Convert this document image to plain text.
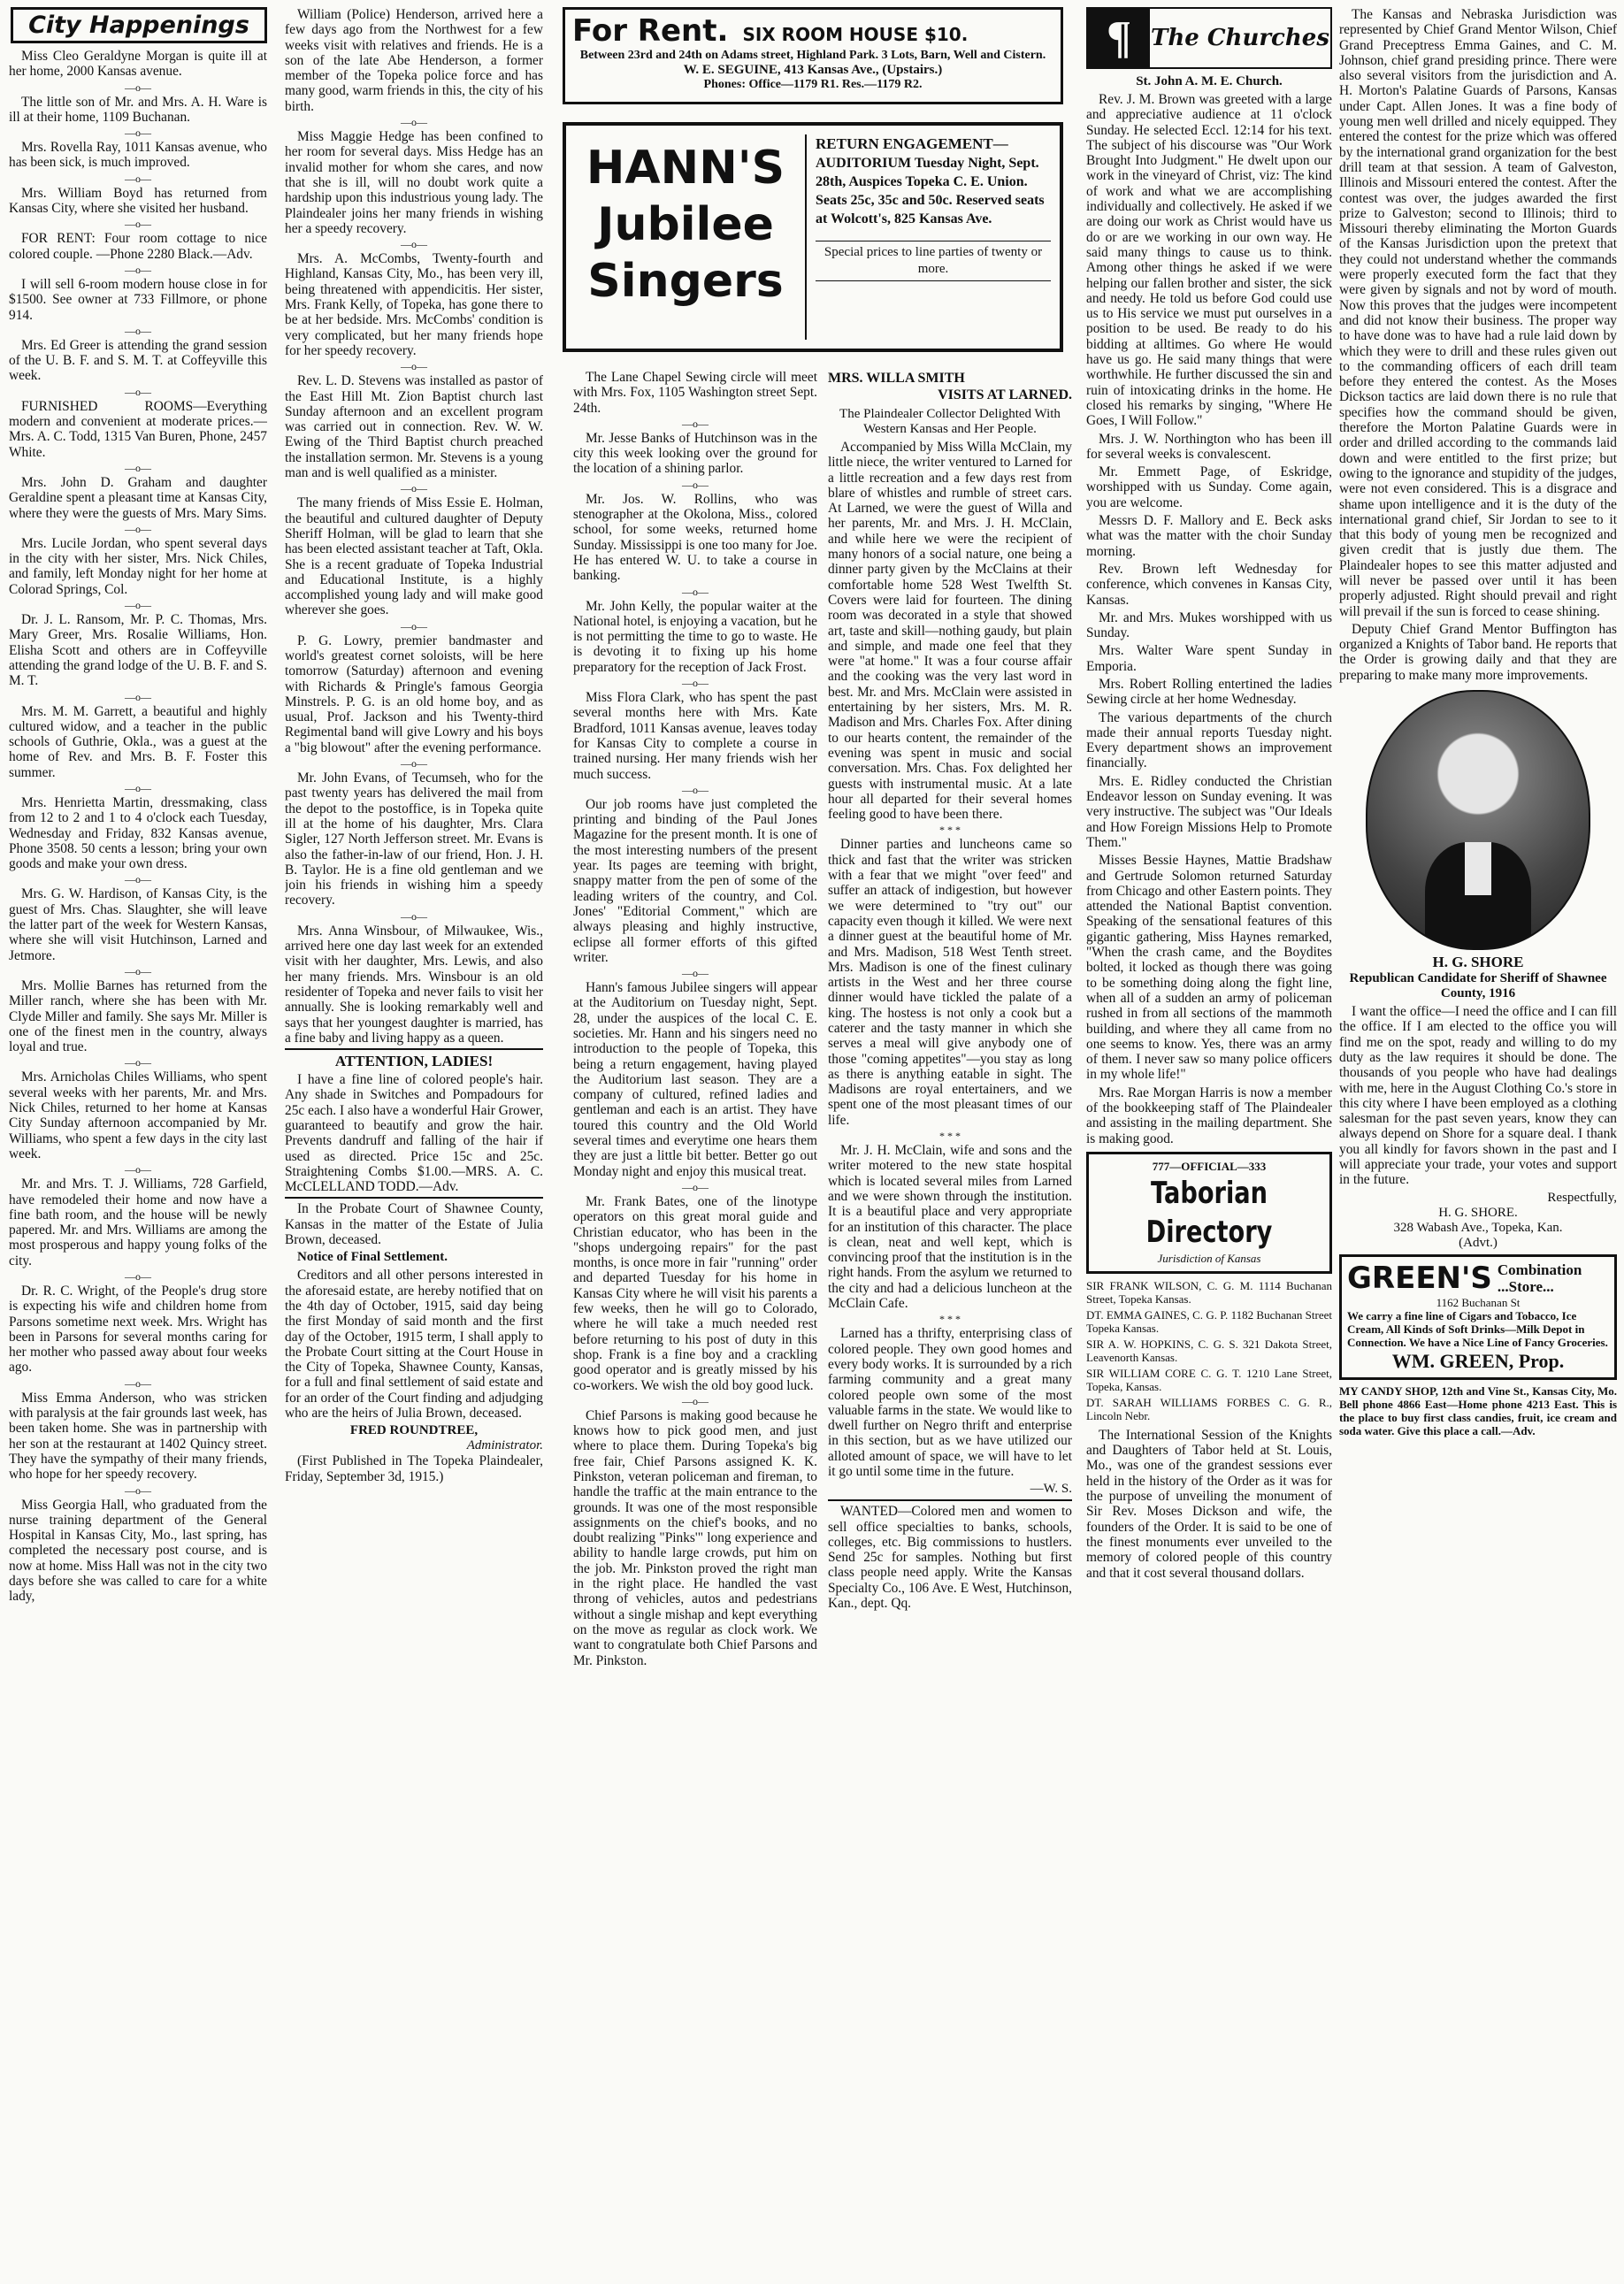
City Happenings

Miss Cleo Geraldyne Morgan is quite ill at her home, 2000 Kansas avenue.

—o—

The little son of Mr. and Mrs. A. H. Ware is ill at their home, 1109 Buchanan.

—o—

Mrs. Rovella Ray, 1011 Kansas avenue, who has been sick, is much improved.

—o—

Mrs. William Boyd has returned from Kansas City, where she visited her husband.

—o—

FOR RENT: Four room cottage to nice colored couple. —Phone 2280 Black.—Adv.

—o—

I will sell 6-room modern house close in for $1500. See owner at 733 Fillmore, or phone 914.

—o—

Mrs. Ed Greer is attending the grand session of the U. B. F. and S. M. T. at Coffeyville this week.

—o—

FURNISHED ROOMS—Everything modern and convenient at moderate prices.—Mrs. A. C. Todd, 1315 Van Buren, Phone, 2457 White.

—o—

Mrs. John D. Graham and daughter Geraldine spent a pleasant time at Kansas City, where they were the guests of Mrs. Mary Sims.

—o—

Mrs. Lucile Jordan, who spent several days in the city with her sister, Mrs. Nick Chiles, and family, left Monday night for her home at Colorad Springs, Col.

—o—

Dr. J. L. Ransom, Mr. P. C. Thomas, Mrs. Mary Greer, Mrs. Rosalie Williams, Hon. Elisha Scott and others are in Coffeyville attending the grand lodge of the U. B. F. and S. M. T.

—o—

Mrs. M. M. Garrett, a beautiful and highly cultured widow, and a teacher in the public schools of Guthrie, Okla., was a guest at the home of Rev. and Mrs. B. F. Foster this summer.

—o—

Mrs. Henrietta Martin, dressmaking, class from 12 to 2 and 1 to 4 o'clock each Tuesday, Wednesday and Friday, 832 Kansas avenue, Phone 3508. 50 cents a lesson; bring your own goods and make your own dress.

—o—

Mrs. G. W. Hardison, of Kansas City, is the guest of Mrs. Chas. Slaughter, she will leave the latter part of the week for Western Kansas, where she will visit Hutchinson, Larned and Jetmore.

—o—

Mrs. Mollie Barnes has returned from the Miller ranch, where she has been with Mr. Clyde Miller and family. She says Mr. Miller is one of the finest men in the country, always loyal and true.

—o—

Mrs. Arnicholas Chiles Williams, who spent several weeks with her parents, Mr. and Mrs. Nick Chiles, returned to her home at Kansas City Sunday afternoon accompanied by Mr. Williams, who spent a few days in the city last week.

—o—

Mr. and Mrs. T. J. Williams, 728 Garfield, have remodeled their home and now have a fine bath room, and the house will be newly papered. Mr. and Mrs. Williams are among the most prosperous and happy young folks of the city.

—o—

Dr. R. C. Wright, of the People's drug store is expecting his wife and children home from Parsons sometime next week. Mrs. Wright has been in Parsons for several months caring for her mother who passed away about four weeks ago.

—o—

Miss Emma Anderson, who was stricken with paralysis at the fair grounds last week, has been taken home. She was in partnership with her son at the restaurant at 1402 Quincy street. They have the sympathy of their many friends, who hope for her speedy recovery.

—o—

Miss Georgia Hall, who graduated from the nurse training department of the General Hospital in Kansas City, Mo., last spring, has completed the necessary post course, and is now at home. Miss Hall was not in the city two days before she was called to care for a white lady,

William (Police) Henderson, arrived here a few days ago from the Northwest for a few weeks visit with relatives and friends. He is a son of the late Abe Henderson, a former member of the Topeka police force and has many good, warm friends in this, the city of his birth.

—o—

Miss Maggie Hedge has been confined to her room for several days. Miss Hedge has an invalid mother for whom she cares, and now that she is ill, will no doubt work quite a hardship upon this industrious young lady. The Plaindealer joins her many friends in wishing her a speedy recovery.

—o—

Mrs. A. McCombs, Twenty-fourth and Highland, Kansas City, Mo., has been very ill, being threatened with appendicitis. Her sister, Mrs. Frank Kelly, of Topeka, has gone there to be at her bedside. Mrs. McCombs' condition is very complicated, but her many friends hope for her speedy recovery.

—o—

Rev. L. D. Stevens was installed as pastor of the East Hill Mt. Zion Baptist church last Sunday afternoon and an excellent program was carried out in connection. Rev. W. W. Ewing of the Third Baptist church preached the installation sermon. Mr. Stevens is a young man and is well qualified as a minister.

—o—

The many friends of Miss Essie E. Holman, the beautiful and cultured daughter of Deputy Sheriff Holman, will be glad to learn that she has been elected assistant teacher at Taft, Okla. She is a recent graduate of Topeka Industrial and Educational Institute, is a highly accomplished young lady and will make good wherever she goes.

—o—

P. G. Lowry, premier bandmaster and world's greatest cornet soloists, will be here tomorrow (Saturday) afternoon and evening with Richards & Pringle's famous Georgia Minstrels. P. G. is an old home boy, and as usual, Prof. Jackson and his Twenty-third Regimental band will give Lowry and his boys a "big blowout" after the evening performance.

—o—

Mr. John Evans, of Tecumseh, who for the past twenty years has delivered the mail from the depot to the postoffice, is in Topeka quite ill at the home of his daughter, Mrs. Clara Sigler, 127 North Jefferson street. Mr. Evans is also the father-in-law of our friend, Hon. J. H. B. Taylor. He is a fine old gentleman and we join his friends in wishing him a speedy recovery.

—o—

Mrs. Anna Winsbour, of Milwaukee, Wis., arrived here one day last week for an extended visit with her daughter, Mrs. Lewis, and also her many friends. Mrs. Winsbour is an old residenter of Topeka and never fails to visit her annually. She is looking remarkably well and says that her youngest daughter is married, has a fine baby and living happy as a queen.

ATTENTION, LADIES!

I have a fine line of colored people's hair. Any shade in Switches and Pompadours for 25c each. I also have a wonderful Hair Grower, guaranteed to beautify and grow the hair. Prevents dandruff and falling of the hair if used as directed. Price 15c and 25c. Straightening Combs $1.00.—MRS. A. C. McCLELLAND TODD.—Adv.

In the Probate Court of Shawnee County, Kansas in the matter of the Estate of Julia Brown, deceased.

Notice of Final Settlement.

Creditors and all other persons interested in the aforesaid estate, are hereby notified that on the 4th day of October, 1915, said day being the first Monday of said month and the first day of the October, 1915 term, I shall apply to the Probate Court sitting at the Court House in the City of Topeka, Shawnee County, Kansas, for a full and final settlement of said estate and for an order of the Court finding and adjudging who are the heirs of Julia Brown, deceased.

FRED ROUNDTREE,
Administrator.

(First Published in The Topeka Plaindealer, Friday, September 3d, 1915.)

For Rent. SIX ROOM HOUSE $10.
Between 23rd and 24th on Adams street, Highland Park. 3 Lots, Barn, Well and Cistern.
W. E. SEGUINE, 413 Kansas Ave., (Upstairs.)
Phones: Office—1179 R1. Res.—1179 R2.
HANN'S
Jubilee
Singers
RETURN ENGAGEMENT—
AUDITORIUM Tuesday Night, Sept. 28th, Auspices Topeka C. E. Union. Seats 25c, 35c and 50c. Reserved seats at Wolcott's, 825 Kansas Ave.
Special prices to line parties of twenty or more.

The Lane Chapel Sewing circle will meet with Mrs. Fox, 1105 Washington street Sept. 24th.

—o—

Mr. Jesse Banks of Hutchinson was in the city this week looking over the ground for the location of a shining parlor.

—o—

Mr. Jos. W. Rollins, who was stenographer at the Okolona, Miss., colored school, for some weeks, returned home Sunday. Mississippi is one too many for Joe. He has entered W. U. to take a course in banking.

—o—

Mr. John Kelly, the popular waiter at the National hotel, is enjoying a vacation, but he is not permitting the time to go to waste. He is devoting it to fixing up his home preparatory for the reception of Jack Frost.

—o—

Miss Flora Clark, who has spent the past several months here with Mrs. Kate Bradford, 1011 Kansas avenue, leaves today for Kansas City to complete a course in trained nursing. Her many friends wish her much success.

—o—

Our job rooms have just completed the printing and binding of the Paul Jones Magazine for the present month. It is one of the most interesting numbers of the present year. Its pages are teeming with bright, snappy matter from the pen of some of the leading writers of the country, and Col. Jones' "Editorial Comment," which are always pleasing and highly instructive, eclipse all former efforts of this gifted writer.

—o—

Hann's famous Jubilee singers will appear at the Auditorium on Tuesday night, Sept. 28, under the auspices of the local C. E. societies. Mr. Hann and his singers need no introduction to the people of Topeka, this being a return engagement, having played the Auditorium last season. They are a company of cultured, refined ladies and gentleman and each is an artist. They have toured this country and the Old World several times and everytime one hears them they are just a little bit better. Better go out Monday night and enjoy this musical treat.

—o—

Mr. Frank Bates, one of the linotype operators on this great moral guide and Christian educator, who has been in the "shops undergoing repairs" for the past months, is once more in fair "running" order and departed Tuesday for his home in Kansas City where he will visit his parents a few weeks, then he will go to Colorado, where he will take a much needed rest before returning to his post of duty in this shop. Frank is a fine boy and a crackling good operator and is greatly missed by his co-workers. We wish the old boy good luck.

—o—

Chief Parsons is making good because he knows how to pick good men, and just where to place them. During Topeka's big free fair, Chief Parsons assigned K. K. Pinkston, veteran policeman and fireman, to handle the traffic at the main entrance to the grounds. It was one of the most responsible assignments on the chief's books, and no doubt realizing "Pinks'" long experience and ability to handle large crowds, put him on the job. Mr. Pinkston proved the right man in the right place. He handled the vast throng of vehicles, autos and pedestrians without a single mishap and kept everything on the move as regular as clock work. We want to congratulate both Chief Parsons and Mr. Pinkston.

MRS. WILLA SMITH
VISITS AT LARNED.
The Plaindealer Collector Delighted With Western Kansas and Her People.

Accompanied by Miss Willa McClain, my little niece, the writer ventured to Larned for a little recreation and a few days rest from blare of whistles and rumble of street cars. At Larned, we were the guest of Willa and her parents, Mr. and Mrs. J. H. McClain, and while here we were the recipient of many honors of a social nature, one being a dinner party given by the McClains at their comfortable home 528 West Twelfth St. Covers were laid for fourteen. The dining room was decorated in a style that showed art, taste and skill—nothing gaudy, but plain and simple, and made one feel that they were "at home." It was a four course affair and the cooking was the very last word in best. Mr. and Mrs. McClain were assisted in entertaining by her sisters, Mrs. M. R. Madison and Mrs. Charles Fox. After dining to our hearts content, the remainder of the evening was spent in music and social conversation. Mrs. Chas. Fox delighted her guests with instrumental music. At a late hour all departed for their several homes feeling good to have been there.

* * *

Dinner parties and luncheons came so thick and fast that the writer was stricken with a fear that we might "over feed" and suffer an attack of indigestion, but however we were determined to "try out" our capacity even though it killed. We were next a dinner guest at the beautiful home of Mr. and Mrs. Madison, 518 West Tenth street. Mrs. Madison is one of the finest culinary artists in the West and her three course dinner would have tickled the palate of a king. The hostess is not only a cook but a caterer and the tasty manner in which she serves a meal will give anybody one of those "coming appetites"—you stay as long as there is anything eatable in sight. The Madisons are royal entertainers, and we spent one of the most pleasant times of our life.

* * *

Mr. J. H. McClain, wife and sons and the writer motered to the new state hospital which is located several miles from Larned and we were shown through the institution. It is a beautiful place and very appropriate for an institution of this character. The place is clean, neat and well kept, which is convincing proof that the institution is in the right hands. From the asylum we returned to the city and had a delicious luncheon at the McClain Cafe.

* * *

Larned has a thrifty, enterprising class of colored people. They own good homes and every body works. It is surrounded by a rich farming community and a great many colored people own some of the most valuable farms in the state. We would like to dwell further on Negro thrift and enterprise in this section, but as we have utilized our alloted amount of space, we will have to let it go until some time in the future.

—W. S.

WANTED—Colored men and women to sell office specialties to banks, schools, colleges, etc. Big commissions to hustlers. Send 25c for samples. Nothing but first class people need apply. Write the Kansas Specialty Co., 106 Ave. E West, Hutchinson, Kan., dept. Qq.

¶ The Churches
St. John A. M. E. Church.

Rev. J. M. Brown was greeted with a large and appreciative audience at 11 o'clock Sunday. He selected Eccl. 12:14 for his text. The subject of his discourse was "Our Work Brought Into Judgment." He dwelt upon our work in the vineyard of Christ, viz: The kind of work and what we are accomplishing individually and collectively. He asked if we are doing our work as Christ would have us do or are we working in our own way. He said many things to cause us to think. Among other things he asked if we were helping our fallen brother and sister, the sick and needy. He told us before God could use us to His service we must put ourselves in a position to be used. Be ready to do his bidding at alltimes. Go where He would have us go. He said many things that were worthwhile. He further discussed the sin and ruin of intoxicating drinks in the home. He closed his remarks by singing, "Where He Goes, I Will Follow."

Mrs. J. W. Northington who has been ill for several weeks is convalescent.

Mr. Emmett Page, of Eskridge, worshipped with us Sunday. Come again, you are welcome.

Messrs D. F. Mallory and E. Beck asks what was the matter with the choir Sunday morning.

Rev. Brown left Wednesday for conference, which convenes in Kansas City, Kansas.

Mr. and Mrs. Mukes worshipped with us Sunday.

Mrs. Walter Ware spent Sunday in Emporia.

Mrs. Robert Rolling entertined the ladies Sewing circle at her home Wednesday.

The various departments of the church made their annual reports Tuesday night. Every department shows an improvement financially.

Mrs. E. Ridley conducted the Christian Endeavor lesson on Sunday evening. It was very instructive. The subject was "Our Ideals and How Foreign Missions Help to Promote Them."

Misses Bessie Haynes, Mattie Bradshaw and Gertrude Solomon returned Saturday from Chicago and other Eastern points. They attended the National Baptist convention. Speaking of the sensational features of this gigantic gathering, Miss Haynes remarked, "When the crash came, and the Boydites bolted, it locked as though there was going to be something doing along the fight line, when all of a sudden an army of policeman rushed in from all sections of the mammoth building, and where they all came from no one seems to know. Yes, there was an army of them. I never saw so many police officers in my whole life!"

Mrs. Rae Morgan Harris is now a member of the bookkeeping staff of The Plaindealer and assisting in the mailing department. She is making good.

777—OFFICIAL—333
Taborian Directory
Jurisdiction of Kansas

SIR FRANK WILSON, C. G. M. 1114 Buchanan Street, Topeka Kansas.

DT. EMMA GAINES, C. G. P. 1182 Buchanan Street Topeka Kansas.

SIR A. W. HOPKINS, C. G. S. 321 Dakota Street, Leavenorth Kansas.

SIR WILLIAM CORE C. G. T. 1210 Lane Street, Topeka, Kansas.

DT. SARAH WILLIAMS FORBES C. G. R., Lincoln Nebr.

The International Session of the Knights and Daughters of Tabor held at St. Louis, Mo., was one of the grandest sessions ever held in the history of the Order as it was for the purpose of unveiling the monument of Sir Rev. Moses Dickson and wife, the founders of the Order. It is said to be one of the finest monuments ever unveiled to the memory of colored people of this country and that it cost several thousand dollars.

The Kansas and Nebraska Jurisdiction was represented by Chief Grand Mentor Wilson, Chief Grand Preceptress Emma Gaines, and C. M. Johnson, chief grand presiding prince. There were also several visitors from the jurisdiction and A. H. Morton's Palatine Guards of Parsons, Kansas under Capt. Allen Jones. It was a fine body of young men well drilled and nicely equipped. They entered the contest for the prize which was offered by the international grand organization for the best drill team at that session. A team of Galveston, Illinois and Missouri entered the contest. After the contest was over, the judges awarded the first prize to Galveston; second to Illinois; third to Missouri thereby eliminating the Morton Guards of the Kansas Jurisdiction upon the pretext that they could not understand whether the commands were properly executed form the fact that they were given by signals and not by word of mouth. Now this proves that the judges were incompetent and did not know their business. The proper way to have done was to have had a rule laid down by which they were to drill and these rules given out to the commanding officers of each drill team before they entered the contest. As the Moses Dickson tactics are laid down there is no rule that specifies how the command should be given, therefore the Morton Palatine Guards were in order and drilled according to the commands laid down and were entitled to the first prize; but owing to the ignorance and stupidity of the judges, were not even considered. This is a disgrace and shame upon intelligence and it is the duty of the international grand chief, Sir Jordan to see to it that this body of young men be recognized and given credit that is justly due them. The Plaindealer hopes to see this matter adjusted and will never be passed over until it has been properly adjusted. Right should prevail and right will prevail if the sun is forced to cease shining.

Deputy Chief Grand Mentor Buffington has organized a Knights of Tabor band. He reports that the Order is growing daily and that they are preparing to make many more improvements.

H. G. SHORE
Republican Candidate for Sheriff of Shawnee County, 1916

I want the office—I need the office and I can fill the office. If I am elected to the office you will find me on the spot, ready and willing to do my duty as the law requires it should be done. The thousands of you people who have had dealings with me, here in the August Clothing Co.'s store in this city where I have been employed as a clothing salesman for the past seven years, know they can always depend on Shore for a square deal. I thank you all kindly for favors shown in the past and I will appreciate your trade, your votes and support in the future.

Respectfully,
H. G. SHORE.
328 Wabash Ave., Topeka, Kan.
(Advt.)
GREEN'S Combination
...Store...
1162 Buchanan St
We carry a fine line of Cigars and Tobacco, Ice Cream, All Kinds of Soft Drinks—Milk Depot in Connection. We have a Nice Line of Fancy Groceries.
WM. GREEN, Prop.
MY CANDY SHOP, 12th and Vine St., Kansas City, Mo. Bell phone 4866 East—Home phone 4213 East. This is the place to buy first class candies, fruit, ice cream and soda water. Give this place a call.—Adv.
